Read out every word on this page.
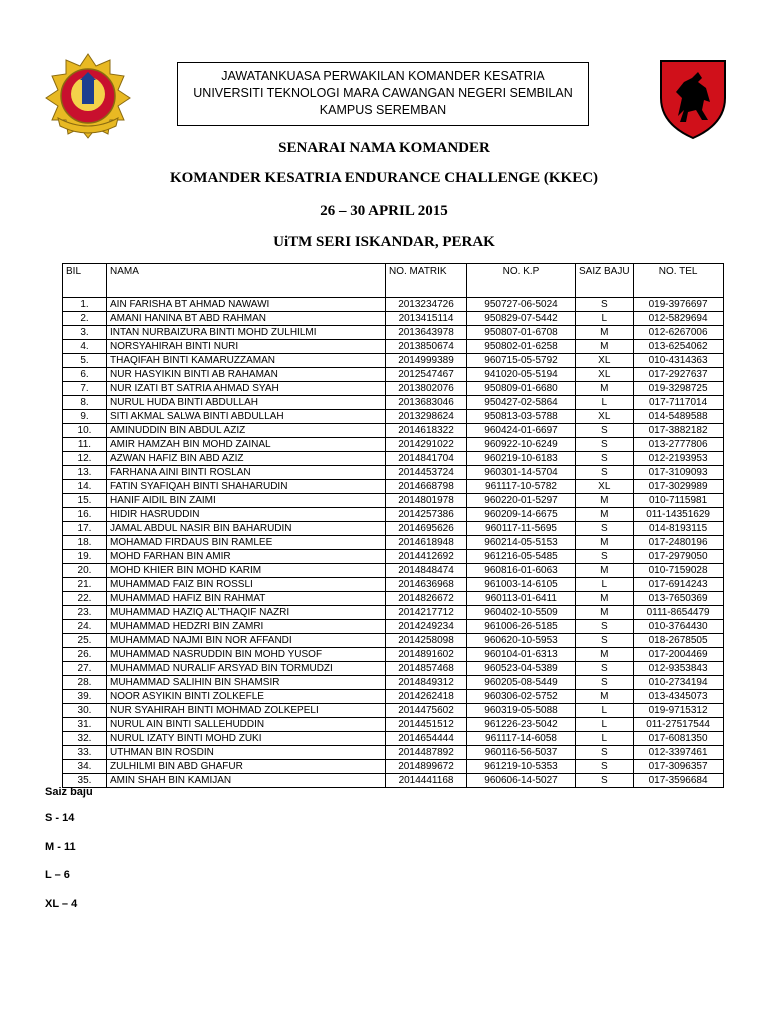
JAWATANKUASA PERWAKILAN KOMANDER KESATRIA
UNIVERSITI TEKNOLOGI MARA CAWANGAN NEGERI SEMBILAN
KAMPUS SEREMBAN
SENARAI NAMA KOMANDER
KOMANDER KESATRIA ENDURANCE CHALLENGE (KKEC)
26 – 30 APRIL 2015
UiTM SERI ISKANDAR, PERAK
BIL	NAMA	NO. MATRIK	NO. K.P	SAIZ BAJU	NO. TEL
1.	AIN FARISHA BT AHMAD NAWAWI	2013234726	950727-06-5024	S	019-3976697
2.	AMANI HANINA BT ABD RAHMAN	2013415114	950829-07-5442	L	012-5829694
3.	INTAN NURBAIZURA BINTI MOHD ZULHILMI	2013643978	950807-01-6708	M	012-6267006
4.	NORSYAHIRAH BINTI NURI	2013850674	950802-01-6258	M	013-6254062
5.	THAQIFAH BINTI KAMARUZZAMAN	2014999389	960715-05-5792	XL	010-4314363
6.	NUR HASYIKIN BINTI AB RAHAMAN	2012547467	941020-05-5194	XL	017-2927637
7.	NUR IZATI BT SATRIA AHMAD SYAH	2013802076	950809-01-6680	M	019-3298725
8.	NURUL HUDA BINTI ABDULLAH	2013683046	950427-02-5864	L	017-7117014
9.	SITI AKMAL SALWA BINTI ABDULLAH	2013298624	950813-03-5788	XL	014-5489588
10.	AMINUDDIN BIN ABDUL AZIZ	2014618322	960424-01-6697	S	017-3882182
11.	AMIR HAMZAH BIN MOHD ZAINAL	2014291022	960922-10-6249	S	013-2777806
12.	AZWAN HAFIZ BIN ABD AZIZ	2014841704	960219-10-6183	S	012-2193953
13.	FARHANA AINI BINTI ROSLAN	2014453724	960301-14-5704	S	017-3109093
14.	FATIN SYAFIQAH BINTI SHAHARUDIN	2014668798	961117-10-5782	XL	017-3029989
15.	HANIF AIDIL BIN ZAIMI	2014801978	960220-01-5297	M	010-7115981
16.	HIDIR HASRUDDIN	2014257386	960209-14-6675	M	011-14351629
17.	JAMAL ABDUL NASIR BIN BAHARUDIN	2014695626	960117-11-5695	S	014-8193115
18.	MOHAMAD FIRDAUS BIN RAMLEE	2014618948	960214-05-5153	M	017-2480196
19.	MOHD FARHAN BIN AMIR	2014412692	961216-05-5485	S	017-2979050
20.	MOHD KHIER BIN MOHD KARIM	2014848474	960816-01-6063	M	010-7159028
21.	MUHAMMAD FAIZ BIN ROSSLI	2014636968	961003-14-6105	L	017-6914243
22.	MUHAMMAD HAFIZ BIN RAHMAT	2014826672	960113-01-6411	M	013-7650369
23.	MUHAMMAD HAZIQ AL'THAQIF NAZRI	2014217712	960402-10-5509	M	0111-8654479
24.	MUHAMMAD HEDZRI BIN ZAMRI	2014249234	961006-26-5185	S	010-3764430
25.	MUHAMMAD NAJMI BIN NOR AFFANDI	2014258098	960620-10-5953	S	018-2678505
26.	MUHAMMAD NASRUDDIN BIN MOHD YUSOF	2014891602	960104-01-6313	M	017-2004469
27.	MUHAMMAD NURALIF ARSYAD BIN TORMUDZI	2014857468	960523-04-5389	S	012-9353843
28.	MUHAMMAD SALIHIN BIN SHAMSIR	2014849312	960205-08-5449	S	010-2734194
39.	NOOR ASYIKIN BINTI ZOLKEFLE	2014262418	960306-02-5752	M	013-4345073
30.	NUR SYAHIRAH BINTI MOHMAD ZOLKEPELI	2014475602	960319-05-5088	L	019-9715312
31.	NURUL AIN BINTI SALLEHUDDIN	2014451512	961226-23-5042	L	011-27517544
32.	NURUL IZATY BINTI MOHD ZUKI	2014654444	961117-14-6058	L	017-6081350
33.	UTHMAN BIN ROSDIN	2014487892	960116-56-5037	S	012-3397461
34.	ZULHILMI BIN ABD GHAFUR	2014899672	961219-10-5353	S	017-3096357
35.	AMIN SHAH BIN KAMIJAN	2014441168	960606-14-5027	S	017-3596684
Saiz baju
S - 14
M - 11
L – 6
XL – 4
